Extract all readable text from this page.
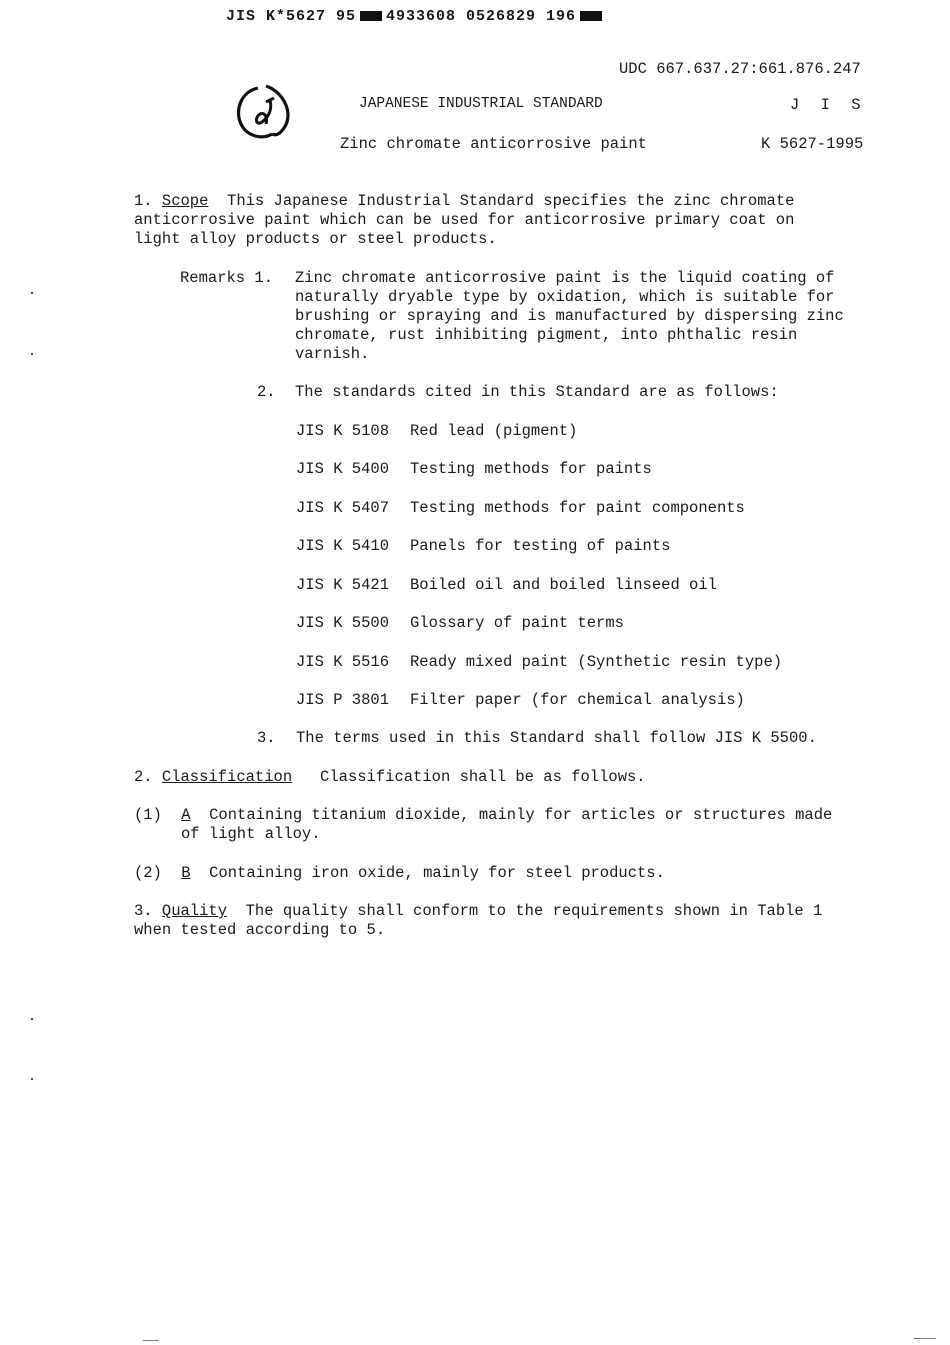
JIS K*5627 95 4933608 0526829 196
UDC 667.637.27:661.876.247
JAPANESE INDUSTRIAL STANDARD	J I S
Zinc chromate anticorrosive paint	K 5627-1995
1. Scope  This Japanese Industrial Standard specifies the zinc chromate
anticorrosive paint which can be used for anticorrosive primary coat on
light alloy products or steel products.
Remarks 1. Zinc chromate anticorrosive paint is the liquid coating of
naturally dryable type by oxidation, which is suitable for
brushing or spraying and is manufactured by dispersing zinc
chromate, rust inhibiting pigment, into phthalic resin
varnish.
2. The standards cited in this Standard are as follows:
JIS K 5108 Red lead (pigment)
JIS K 5400 Testing methods for paints
JIS K 5407 Testing methods for paint components
JIS K 5410 Panels for testing of paints
JIS K 5421 Boiled oil and boiled linseed oil
JIS K 5500 Glossary of paint terms
JIS K 5516 Ready mixed paint (Synthetic resin type)
JIS P 3801 Filter paper (for chemical analysis)
3. The terms used in this Standard shall follow JIS K 5500.
2. Classification   Classification shall be as follows.
(1) A  Containing titanium dioxide, mainly for articles or structures made
of light alloy.
(2) B  Containing iron oxide, mainly for steel products.
3. Quality  The quality shall conform to the requirements shown in Table 1
when tested according to 5.
